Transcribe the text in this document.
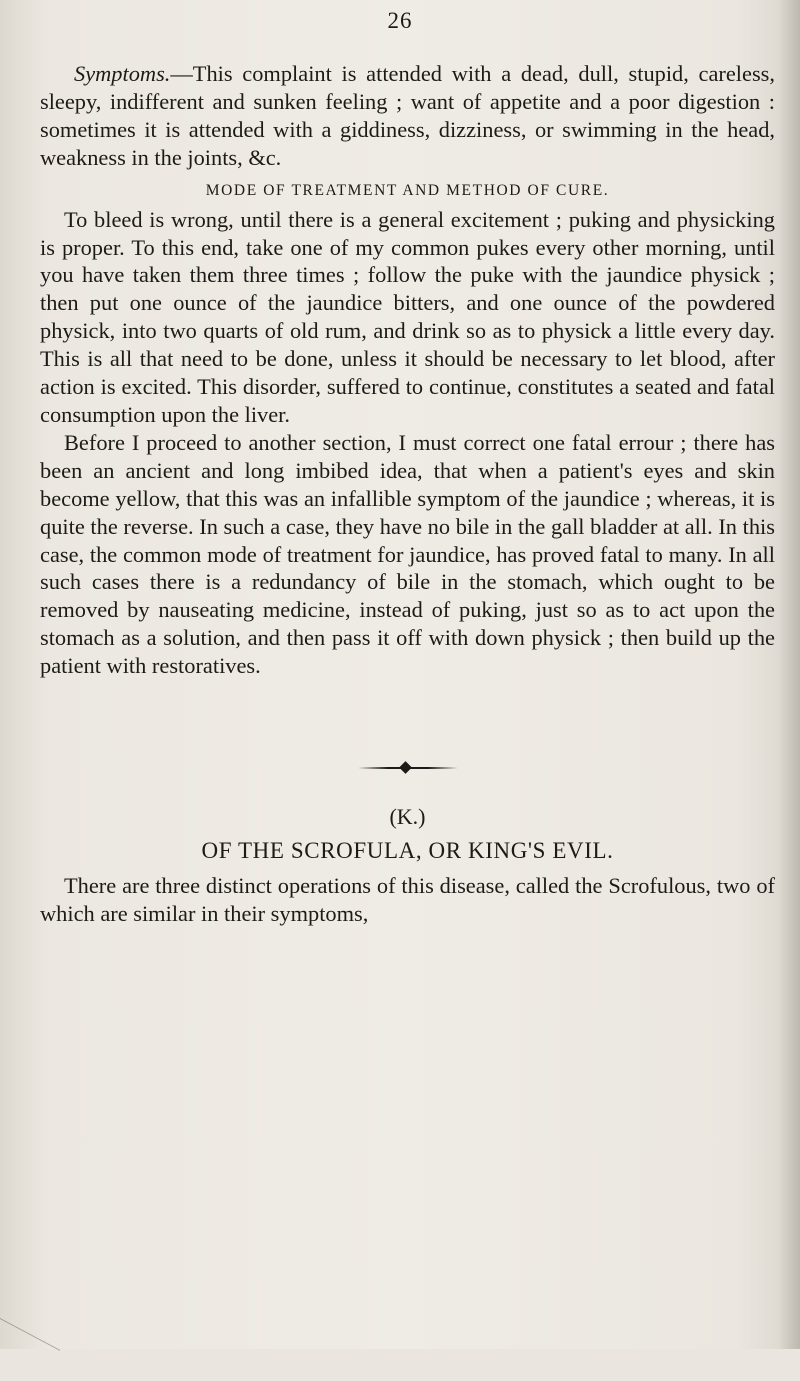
26

Symptoms.—This complaint is attended with a dead, dull, stupid, careless, sleepy, indifferent and sunken feeling ; want of appetite and a poor digestion : sometimes it is attended with a giddiness, dizziness, or swimming in the head, weakness in the joints, &c.

MODE OF TREATMENT AND METHOD OF CURE.

To bleed is wrong, until there is a general excitement ; puking and physicking is proper. To this end, take one of my common pukes every other morning, until you have taken them three times ; follow the puke with the jaundice physick ; then put one ounce of the jaundice bitters, and one ounce of the powdered physick, into two quarts of old rum, and drink so as to physick a little every day. This is all that need to be done, unless it should be necessary to let blood, after action is excited. This disorder, suffered to continue, constitutes a seated and fatal consumption upon the liver.

Before I proceed to another section, I must correct one fatal errour ; there has been an ancient and long imbibed idea, that when a patient's eyes and skin become yellow, that this was an infallible symptom of the jaundice ; whereas, it is quite the reverse. In such a case, they have no bile in the gall bladder at all. In this case, the common mode of treatment for jaundice, has proved fatal to many. In all such cases there is a redundancy of bile in the stomach, which ought to be removed by nauseating medicine, instead of puking, just so as to act upon the stomach as a solution, and then pass it off with down physick ; then build up the patient with restoratives.

(K.)
OF THE SCROFULA, OR KING'S EVIL.

There are three distinct operations of this disease, called the Scrofulous, two of which are similar in their symptoms,
